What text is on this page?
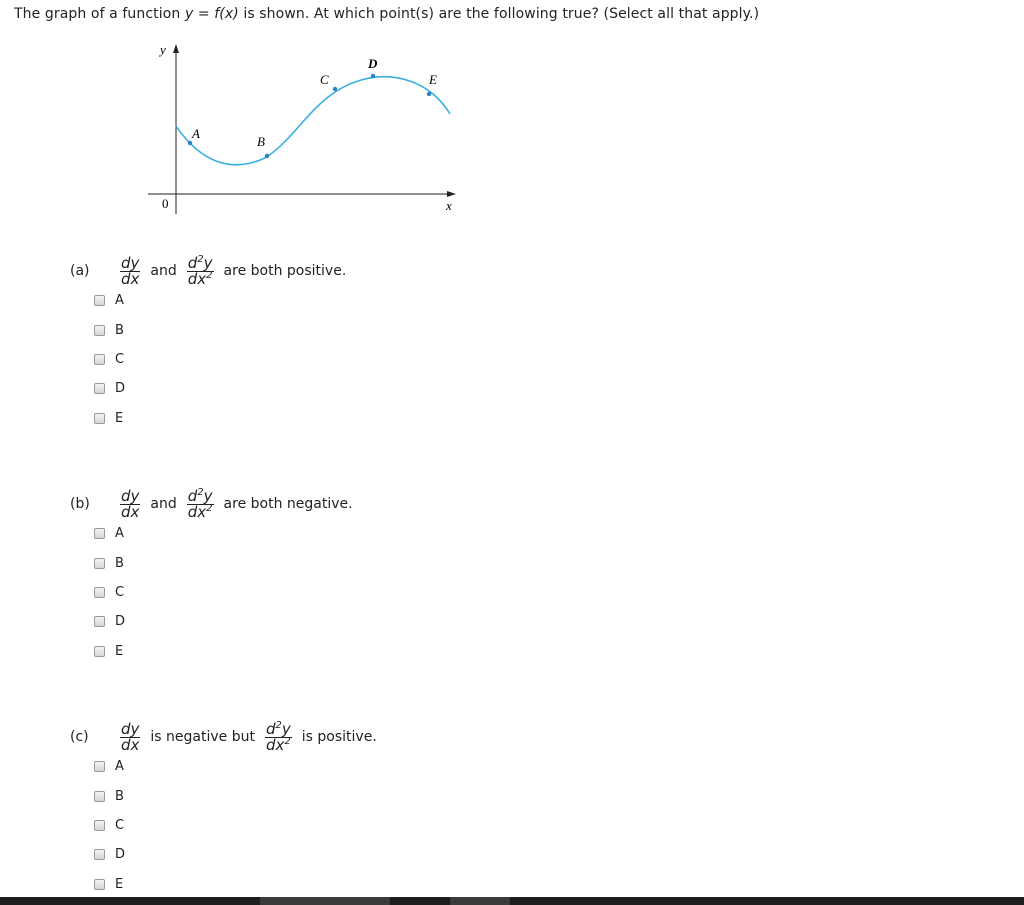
The graph of a function y = f(x) is shown. At which point(s) are the following true? (Select all that apply.)
y
x
0
A
B
C
D
E
(a)	$\frac{dy}{dx}$ and $\frac{d^2y}{dx^2}$ are both positive.
A
B
C
D
E
(b)	$\frac{dy}{dx}$ and $\frac{d^2y}{dx^2}$ are both negative.
A
B
C
D
E
(c)	$\frac{dy}{dx}$ is negative but $\frac{d^2y}{dx^2}$ is positive.
A
B
C
D
E
